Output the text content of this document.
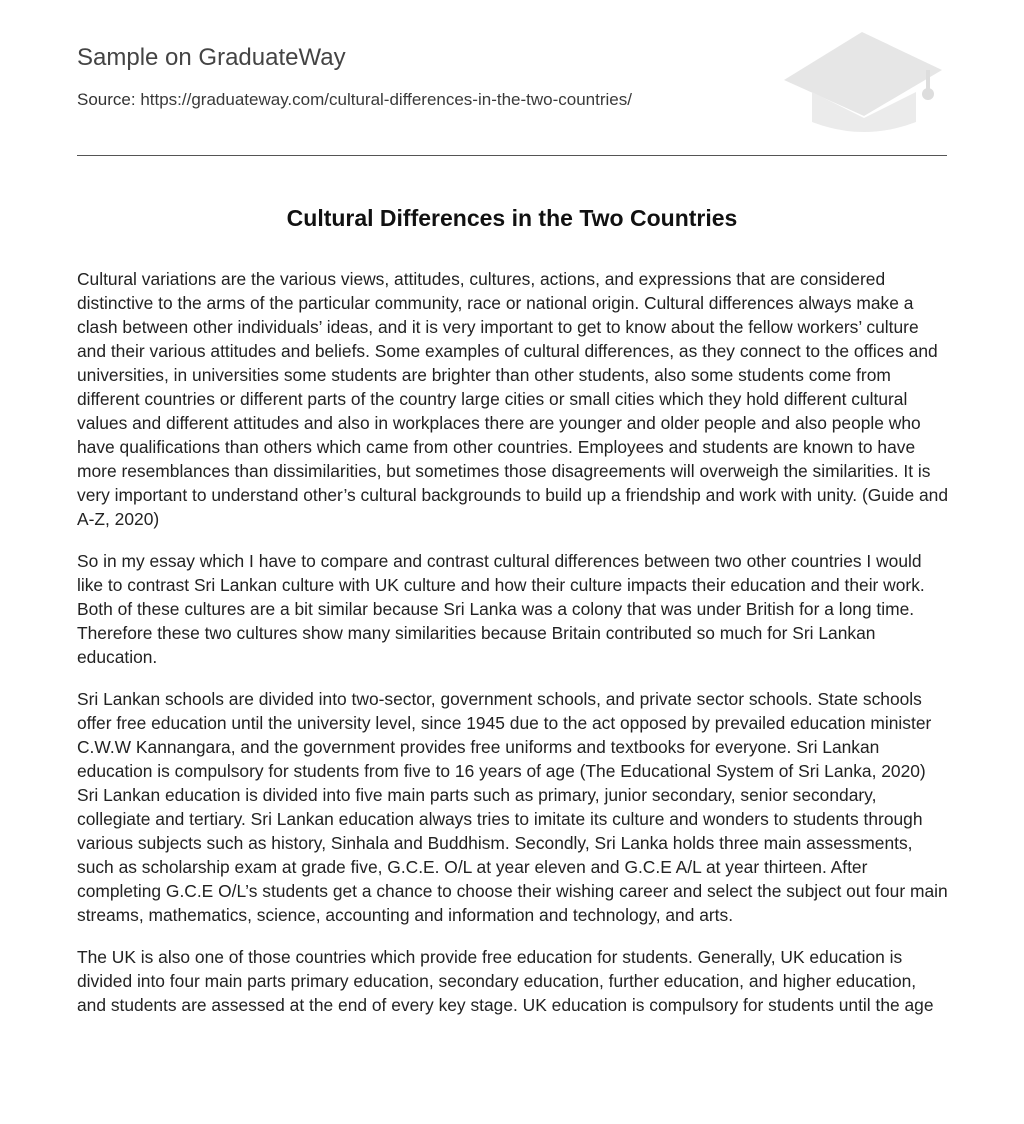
Sample on GraduateWay
Source: https://graduateway.com/cultural-differences-in-the-two-countries/
Cultural Differences in the Two Countries

Cultural variations are the various views, attitudes, cultures, actions, and expressions that are considered distinctive to the arms of the particular community, race or national origin. Cultural differences always make a clash between other individuals’ ideas, and it is very important to get to know about the fellow workers’ culture and their various attitudes and beliefs. Some examples of cultural differences, as they connect to the offices and universities, in universities some students are brighter than other students, also some students come from different countries or different parts of the country large cities or small cities which they hold different cultural values and different attitudes and also in workplaces there are younger and older people and also people who have qualifications than others which came from other countries. Employees and students are known to have more resemblances than dissimilarities, but sometimes those disagreements will overweigh the similarities. It is very important to understand other’s cultural backgrounds to build up a friendship and work with unity. (Guide and A-Z, 2020)

So in my essay which I have to compare and contrast cultural differences between two other countries I would like to contrast Sri Lankan culture with UK culture and how their culture impacts their education and their work. Both of these cultures are a bit similar because Sri Lanka was a colony that was under British for a long time. Therefore these two cultures show many similarities because Britain contributed so much for Sri Lankan education.

Sri Lankan schools are divided into two-sector, government schools, and private sector schools. State schools offer free education until the university level, since 1945 due to the act opposed by prevailed education minister C.W.W Kannangara, and the government provides free uniforms and textbooks for everyone. Sri Lankan education is compulsory for students from five to 16 years of age (The Educational System of Sri Lanka, 2020) Sri Lankan education is divided into five main parts such as primary, junior secondary, senior secondary, collegiate and tertiary. Sri Lankan education always tries to imitate its culture and wonders to students through various subjects such as history, Sinhala and Buddhism. Secondly, Sri Lanka holds three main assessments, such as scholarship exam at grade five, G.C.E. O/L at year eleven and G.C.E A/L at year thirteen. After completing G.C.E O/L’s students get a chance to choose their wishing career and select the subject out four main streams, mathematics, science, accounting and information and technology, and arts.

The UK is also one of those countries which provide free education for students. Generally, UK education is divided into four main parts primary education, secondary education, further education, and higher education, and students are assessed at the end of every key stage. UK education is compulsory for students until the age
